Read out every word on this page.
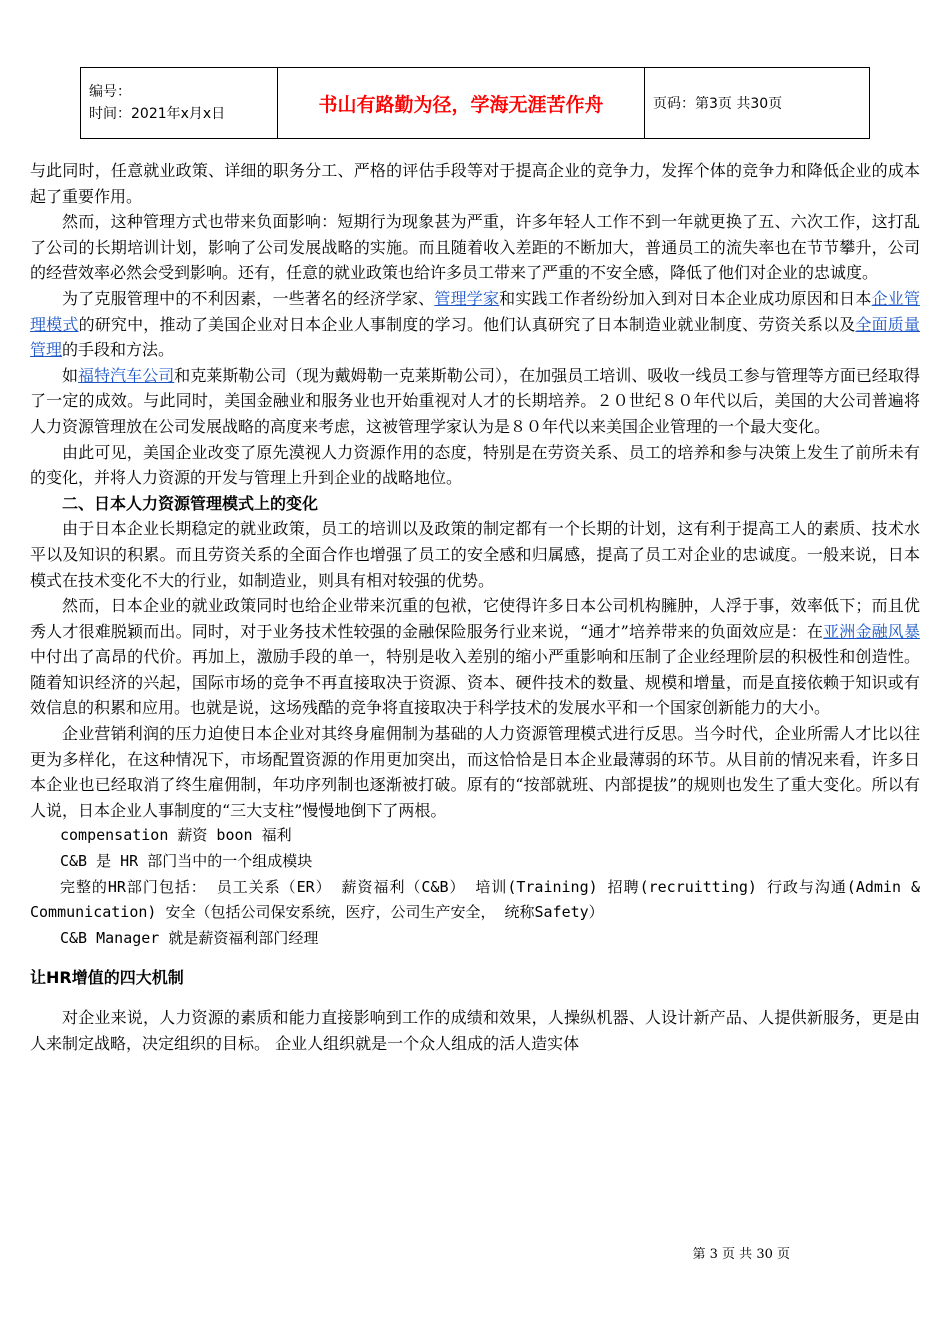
编号：
时间：2021年x月x日	书山有路勤为径，学海无涯苦作舟	页码：第3页 共30页

与此同时，任意就业政策、详细的职务分工、严格的评估手段等对于提高企业的竞争力，发挥个体的竞争力和降低企业的成本起了重要作用。

然而，这种管理方式也带来负面影响：短期行为现象甚为严重，许多年轻人工作不到一年就更换了五、六次工作，这打乱了公司的长期培训计划，影响了公司发展战略的实施。而且随着收入差距的不断加大，普通员工的流失率也在节节攀升，公司的经营效率必然会受到影响。还有，任意的就业政策也给许多员工带来了严重的不安全感，降低了他们对企业的忠诚度。

为了克服管理中的不利因素，一些著名的经济学家、管理学家和实践工作者纷纷加入到对日本企业成功原因和日本企业管理模式的研究中，推动了美国企业对日本企业人事制度的学习。他们认真研究了日本制造业就业制度、劳资关系以及全面质量管理的手段和方法。

如福特汽车公司和克莱斯勒公司（现为戴姆勒一克莱斯勒公司），在加强员工培训、吸收一线员工参与管理等方面已经取得了一定的成效。与此同时，美国金融业和服务业也开始重视对人才的长期培养。２０世纪８０年代以后，美国的大公司普遍将人力资源管理放在公司发展战略的高度来考虑，这被管理学家认为是８０年代以来美国企业管理的一个最大变化。

由此可见，美国企业改变了原先漠视人力资源作用的态度，特别是在劳资关系、员工的培养和参与决策上发生了前所未有的变化，并将人力资源的开发与管理上升到企业的战略地位。

二、日本人力资源管理模式上的变化

由于日本企业长期稳定的就业政策，员工的培训以及政策的制定都有一个长期的计划，这有利于提高工人的素质、技术水平以及知识的积累。而且劳资关系的全面合作也增强了员工的安全感和归属感，提高了员工对企业的忠诚度。一般来说，日本模式在技术变化不大的行业，如制造业，则具有相对较强的优势。

然而，日本企业的就业政策同时也给企业带来沉重的包袱，它使得许多日本公司机构臃肿，人浮于事，效率低下；而且优秀人才很难脱颖而出。同时，对于业务技术性较强的金融保险服务行业来说，“通才”培养带来的负面效应是：在亚洲金融风暴中付出了高昂的代价。再加上，激励手段的单一，特别是收入差别的缩小严重影响和压制了企业经理阶层的积极性和创造性。随着知识经济的兴起，国际市场的竞争不再直接取决于资源、资本、硬件技术的数量、规模和增量，而是直接依赖于知识或有效信息的积累和应用。也就是说，这场残酷的竞争将直接取决于科学技术的发展水平和一个国家创新能力的大小。

企业营销利润的压力迫使日本企业对其终身雇佣制为基础的人力资源管理模式进行反思。当今时代，企业所需人才比以往更为多样化，在这种情况下，市场配置资源的作用更加突出，而这恰恰是日本企业最薄弱的环节。从目前的情况来看，许多日本企业也已经取消了终生雇佣制，年功序列制也逐渐被打破。原有的“按部就班、内部提拔”的规则也发生了重大变化。所以有人说，日本企业人事制度的“三大支柱”慢慢地倒下了两根。

compensation 薪资 boon 福利

C&B 是 HR 部门当中的一个组成模块

完整的HR部门包括： 员工关系（ER） 薪资福利（C&B） 培训(Training) 招聘(recruitting) 行政与沟通(Admin & Communication) 安全（包括公司保安系统，医疗，公司生产安全， 统称Safety）

C&B Manager 就是薪资福利部门经理

让HR增值的四大机制

对企业来说，人力资源的素质和能力直接影响到工作的成绩和效果，人操纵机器、人设计新产品、人提供新服务，更是由人来制定战略，决定组织的目标。 企业人组织就是一个众人组成的活人造实体

第 3 页 共 30 页
